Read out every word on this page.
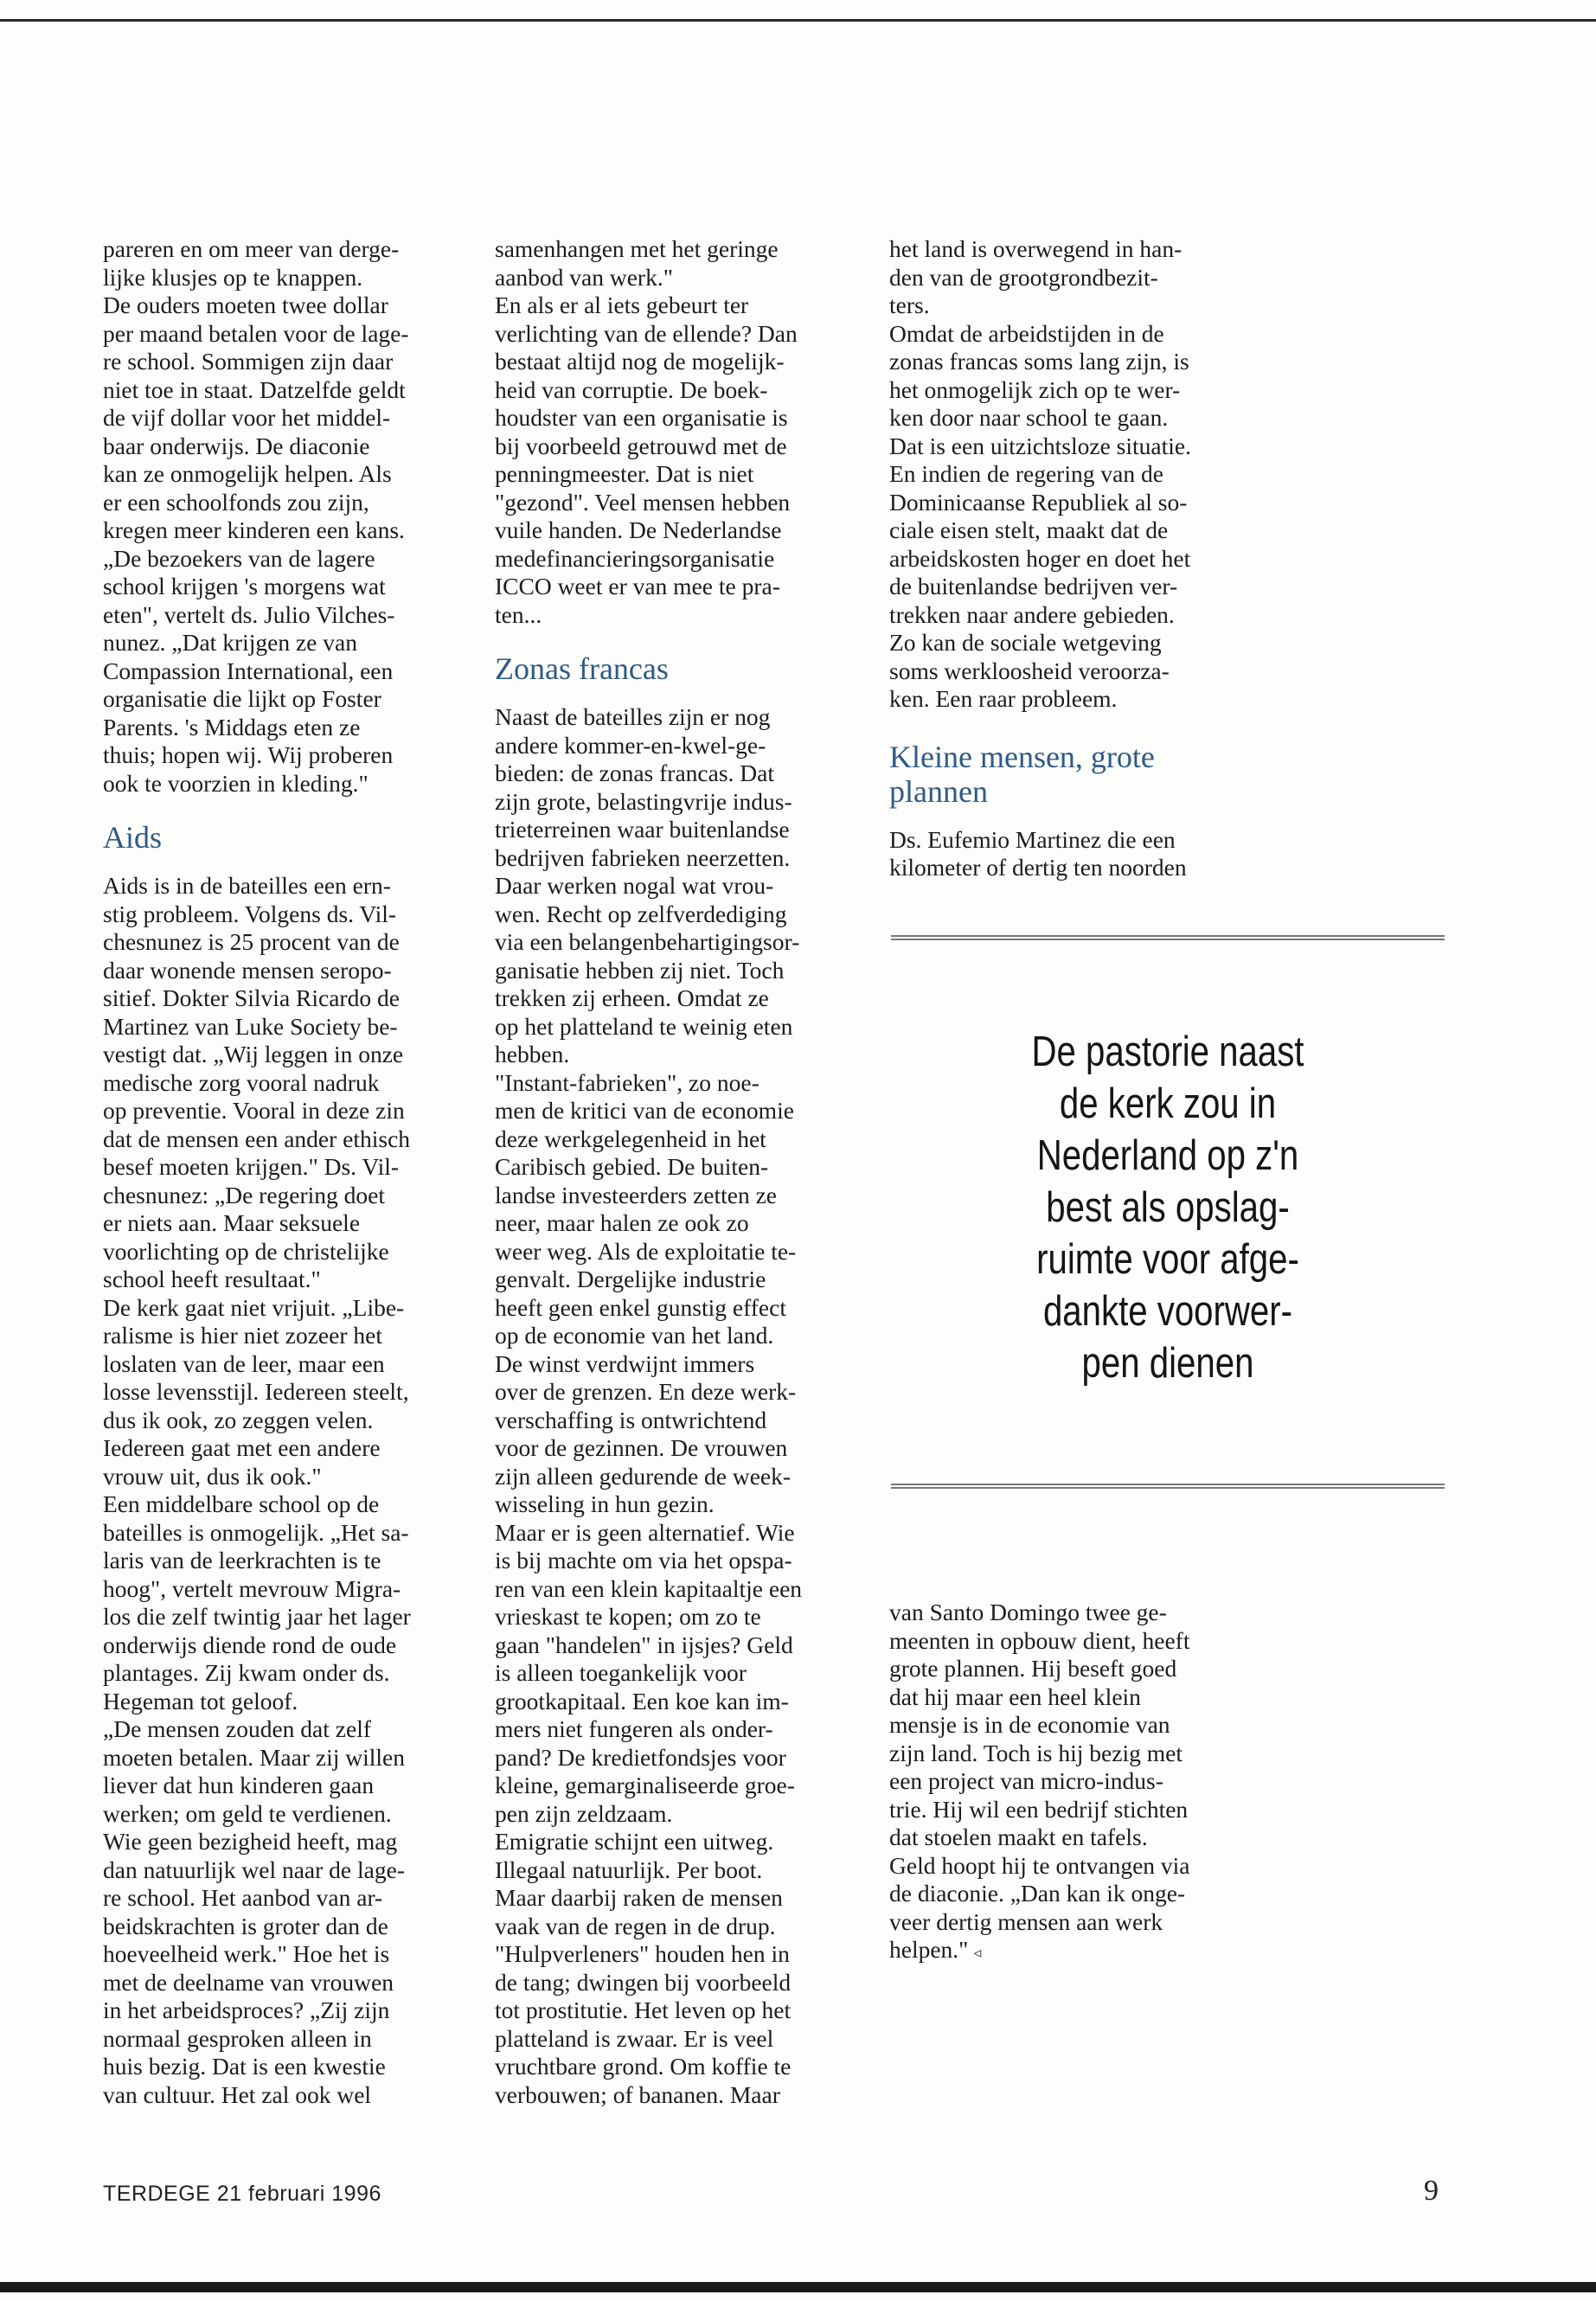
pareren en om meer van derge-
lijke klusjes op te knappen.
De ouders moeten twee dollar
per maand betalen voor de lage-
re school. Sommigen zijn daar
niet toe in staat. Datzelfde geldt
de vijf dollar voor het middel-
baar onderwijs. De diaconie
kan ze onmogelijk helpen. Als
er een schoolfonds zou zijn,
kregen meer kinderen een kans.
„De bezoekers van de lagere
school krijgen 's morgens wat
eten", vertelt ds. Julio Vilches-
nunez. „Dat krijgen ze van
Compassion International, een
organisatie die lijkt op Foster
Parents. 's Middags eten ze
thuis; hopen wij. Wij proberen
ook te voorzien in kleding."
Aids
Aids is in de bateilles een ern-
stig probleem. Volgens ds. Vil-
chesnunez is 25 procent van de
daar wonende mensen seropo-
sitief. Dokter Silvia Ricardo de
Martinez van Luke Society be-
vestigt dat. „Wij leggen in onze
medische zorg vooral nadruk
op preventie. Vooral in deze zin
dat de mensen een ander ethisch
besef moeten krijgen." Ds. Vil-
chesnunez: „De regering doet
er niets aan. Maar seksuele
voorlichting op de christelijke
school heeft resultaat."
De kerk gaat niet vrijuit. „Libe-
ralisme is hier niet zozeer het
loslaten van de leer, maar een
losse levensstijl. Iedereen steelt,
dus ik ook, zo zeggen velen.
Iedereen gaat met een andere
vrouw uit, dus ik ook."
Een middelbare school op de
bateilles is onmogelijk. „Het sa-
laris van de leerkrachten is te
hoog", vertelt mevrouw Migra-
los die zelf twintig jaar het lager
onderwijs diende rond de oude
plantages. Zij kwam onder ds.
Hegeman tot geloof.
„De mensen zouden dat zelf
moeten betalen. Maar zij willen
liever dat hun kinderen gaan
werken; om geld te verdienen.
Wie geen bezigheid heeft, mag
dan natuurlijk wel naar de lage-
re school. Het aanbod van ar-
beidskrachten is groter dan de
hoeveelheid werk." Hoe het is
met de deelname van vrouwen
in het arbeidsproces? „Zij zijn
normaal gesproken alleen in
huis bezig. Dat is een kwestie
van cultuur. Het zal ook wel
samenhangen met het geringe
aanbod van werk."
En als er al iets gebeurt ter
verlichting van de ellende? Dan
bestaat altijd nog de mogelijk-
heid van corruptie. De boek-
houdster van een organisatie is
bij voorbeeld getrouwd met de
penningmeester. Dat is niet
"gezond". Veel mensen hebben
vuile handen. De Nederlandse
medefinancieringsorganisatie
ICCO weet er van mee te pra-
ten...
Zonas francas
Naast de bateilles zijn er nog
andere kommer-en-kwel-ge-
bieden: de zonas francas. Dat
zijn grote, belastingvrije indus-
trieterreinen waar buitenlandse
bedrijven fabrieken neerzetten.
Daar werken nogal wat vrou-
wen. Recht op zelfverdediging
via een belangenbehartigingsor-
ganisatie hebben zij niet. Toch
trekken zij erheen. Omdat ze
op het platteland te weinig eten
hebben.
"Instant-fabrieken", zo noe-
men de kritici van de economie
deze werkgelegenheid in het
Caribisch gebied. De buiten-
landse investeerders zetten ze
neer, maar halen ze ook zo
weer weg. Als de exploitatie te-
genvalt. Dergelijke industrie
heeft geen enkel gunstig effect
op de economie van het land.
De winst verdwijnt immers
over de grenzen. En deze werk-
verschaffing is ontwrichtend
voor de gezinnen. De vrouwen
zijn alleen gedurende de week-
wisseling in hun gezin.
Maar er is geen alternatief. Wie
is bij machte om via het opspa-
ren van een klein kapitaaltje een
vrieskast te kopen; om zo te
gaan "handelen" in ijsjes? Geld
is alleen toegankelijk voor
grootkapitaal. Een koe kan im-
mers niet fungeren als onder-
pand? De kredietfondsjes voor
kleine, gemarginaliseerde groe-
pen zijn zeldzaam.
Emigratie schijnt een uitweg.
Illegaal natuurlijk. Per boot.
Maar daarbij raken de mensen
vaak van de regen in de drup.
"Hulpverleners" houden hen in
de tang; dwingen bij voorbeeld
tot prostitutie. Het leven op het
platteland is zwaar. Er is veel
vruchtbare grond. Om koffie te
verbouwen; of bananen. Maar
het land is overwegend in han-
den van de grootgrondbezit-
ters.
Omdat de arbeidstijden in de
zonas francas soms lang zijn, is
het onmogelijk zich op te wer-
ken door naar school te gaan.
Dat is een uitzichtsloze situatie.
En indien de regering van de
Dominicaanse Republiek al so-
ciale eisen stelt, maakt dat de
arbeidskosten hoger en doet het
de buitenlandse bedrijven ver-
trekken naar andere gebieden.
Zo kan de sociale wetgeving
soms werkloosheid veroorza-
ken. Een raar probleem.
Kleine mensen, grote
plannen
Ds. Eufemio Martinez die een
kilometer of dertig ten noorden
De pastorie naast
de kerk zou in
Nederland op z'n
best als opslag-
ruimte voor afge-
dankte voorwer-
pen dienen
van Santo Domingo twee ge-
meenten in opbouw dient, heeft
grote plannen. Hij beseft goed
dat hij maar een heel klein
mensje is in de economie van
zijn land. Toch is hij bezig met
een project van micro-indus-
trie. Hij wil een bedrijf stichten
dat stoelen maakt en tafels.
Geld hoopt hij te ontvangen via
de diaconie. „Dan kan ik onge-
veer dertig mensen aan werk
helpen." ◃
TERDEGE 21 februari 1996	9
